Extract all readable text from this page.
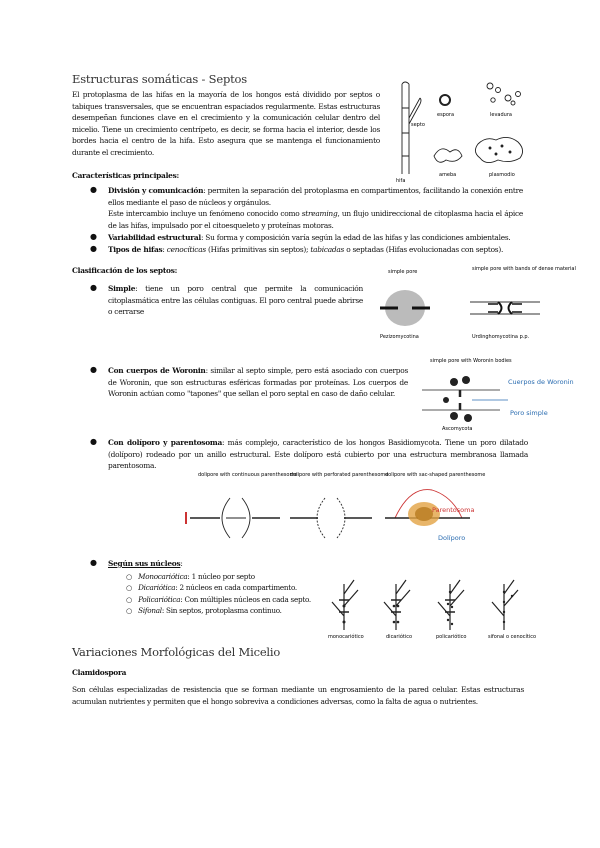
Estructuras somáticas - Septos
El protoplasma de las hifas en la mayoría de los hongos está dividido por septos o tabiques transversales, que se encuentran espaciados regularmente. Estas estructuras desempeñan funciones clave en el crecimiento y la comunicación celular dentro del micelio. Tiene un crecimiento centrípeto, es decir, se forma hacia el interior, desde los bordes hacia el centro de la hifa. Esto asegura que se mantenga el funcionamiento durante el crecimiento.
septo
hifa
espora	levadura
ameba	plasmodio
Características principales:
● División y comunicación: permiten la separación del protoplasma en compartimentos, facilitando la conexión entre ellos mediante el paso de núcleos y orgánulos.
Este intercambio incluye un fenómeno conocido como streaming, un flujo unidireccional de citoplasma hacia el ápice de las hifas, impulsado por el citoesqueleto y proteínas motoras.
● Variabilidad estructural: Su forma y composición varía según la edad de las hifas y las condiciones ambientales.
● Tipos de hifas: cenocíticas (Hifas primitivas sin septos); tabicadas o septadas (Hifas evolucionadas con septos).
Clasificación de los septos:
● Simple: tiene un poro central que permite la comunicación citoplasmática entre las células contiguas. El poro central puede abrirse o cerrarse
simple pore	simple pore with bands of dense material
Pezizomycotina	Urdinghomycotina p.p.
● Con cuerpos de Woronin: similar al septo simple, pero está asociado con cuerpos de Woronin, que son estructuras esféricas formadas por proteínas. Los cuerpos de Woronin actúan como "tapones" que sellan el poro septal en caso de daño celular.
simple pore with Woronin bodies
Cuerpos de Woronin
Poro simple
Ascomycota
● Con dolíporo y parentosoma: más complejo, característico de los hongos Basidiomycota. Tiene un poro dilatado (dolíporo) rodeado por un anillo estructural. Este dolíporo está cubierto por una estructura membranosa llamada parentosoma.
dolipore with continuous parenthesome
dolipore with perforated parenthesome
dolipore with sac-shaped parenthesome
Parentosoma
Dolíporo
● Según sus núcleos:
○   Monocariótica: 1 núcleo por septo
○   Dicariótica: 2 núcleos en cada compartimento.
○   Policariótica: Con múltiples núcleos en cada septo.
○   Sifonal: Sin septos, protoplasma continuo.
monocariótico	dicariótico	policariótico	sifonal o cenocítico
Variaciones Morfológicas del Micelio
Clamidospora
Son células especializadas de resistencia que se forman mediante un engrosamiento de la pared celular. Estas estructuras acumulan nutrientes y permiten que el hongo sobreviva a condiciones adversas, como la falta de agua o nutrientes.
